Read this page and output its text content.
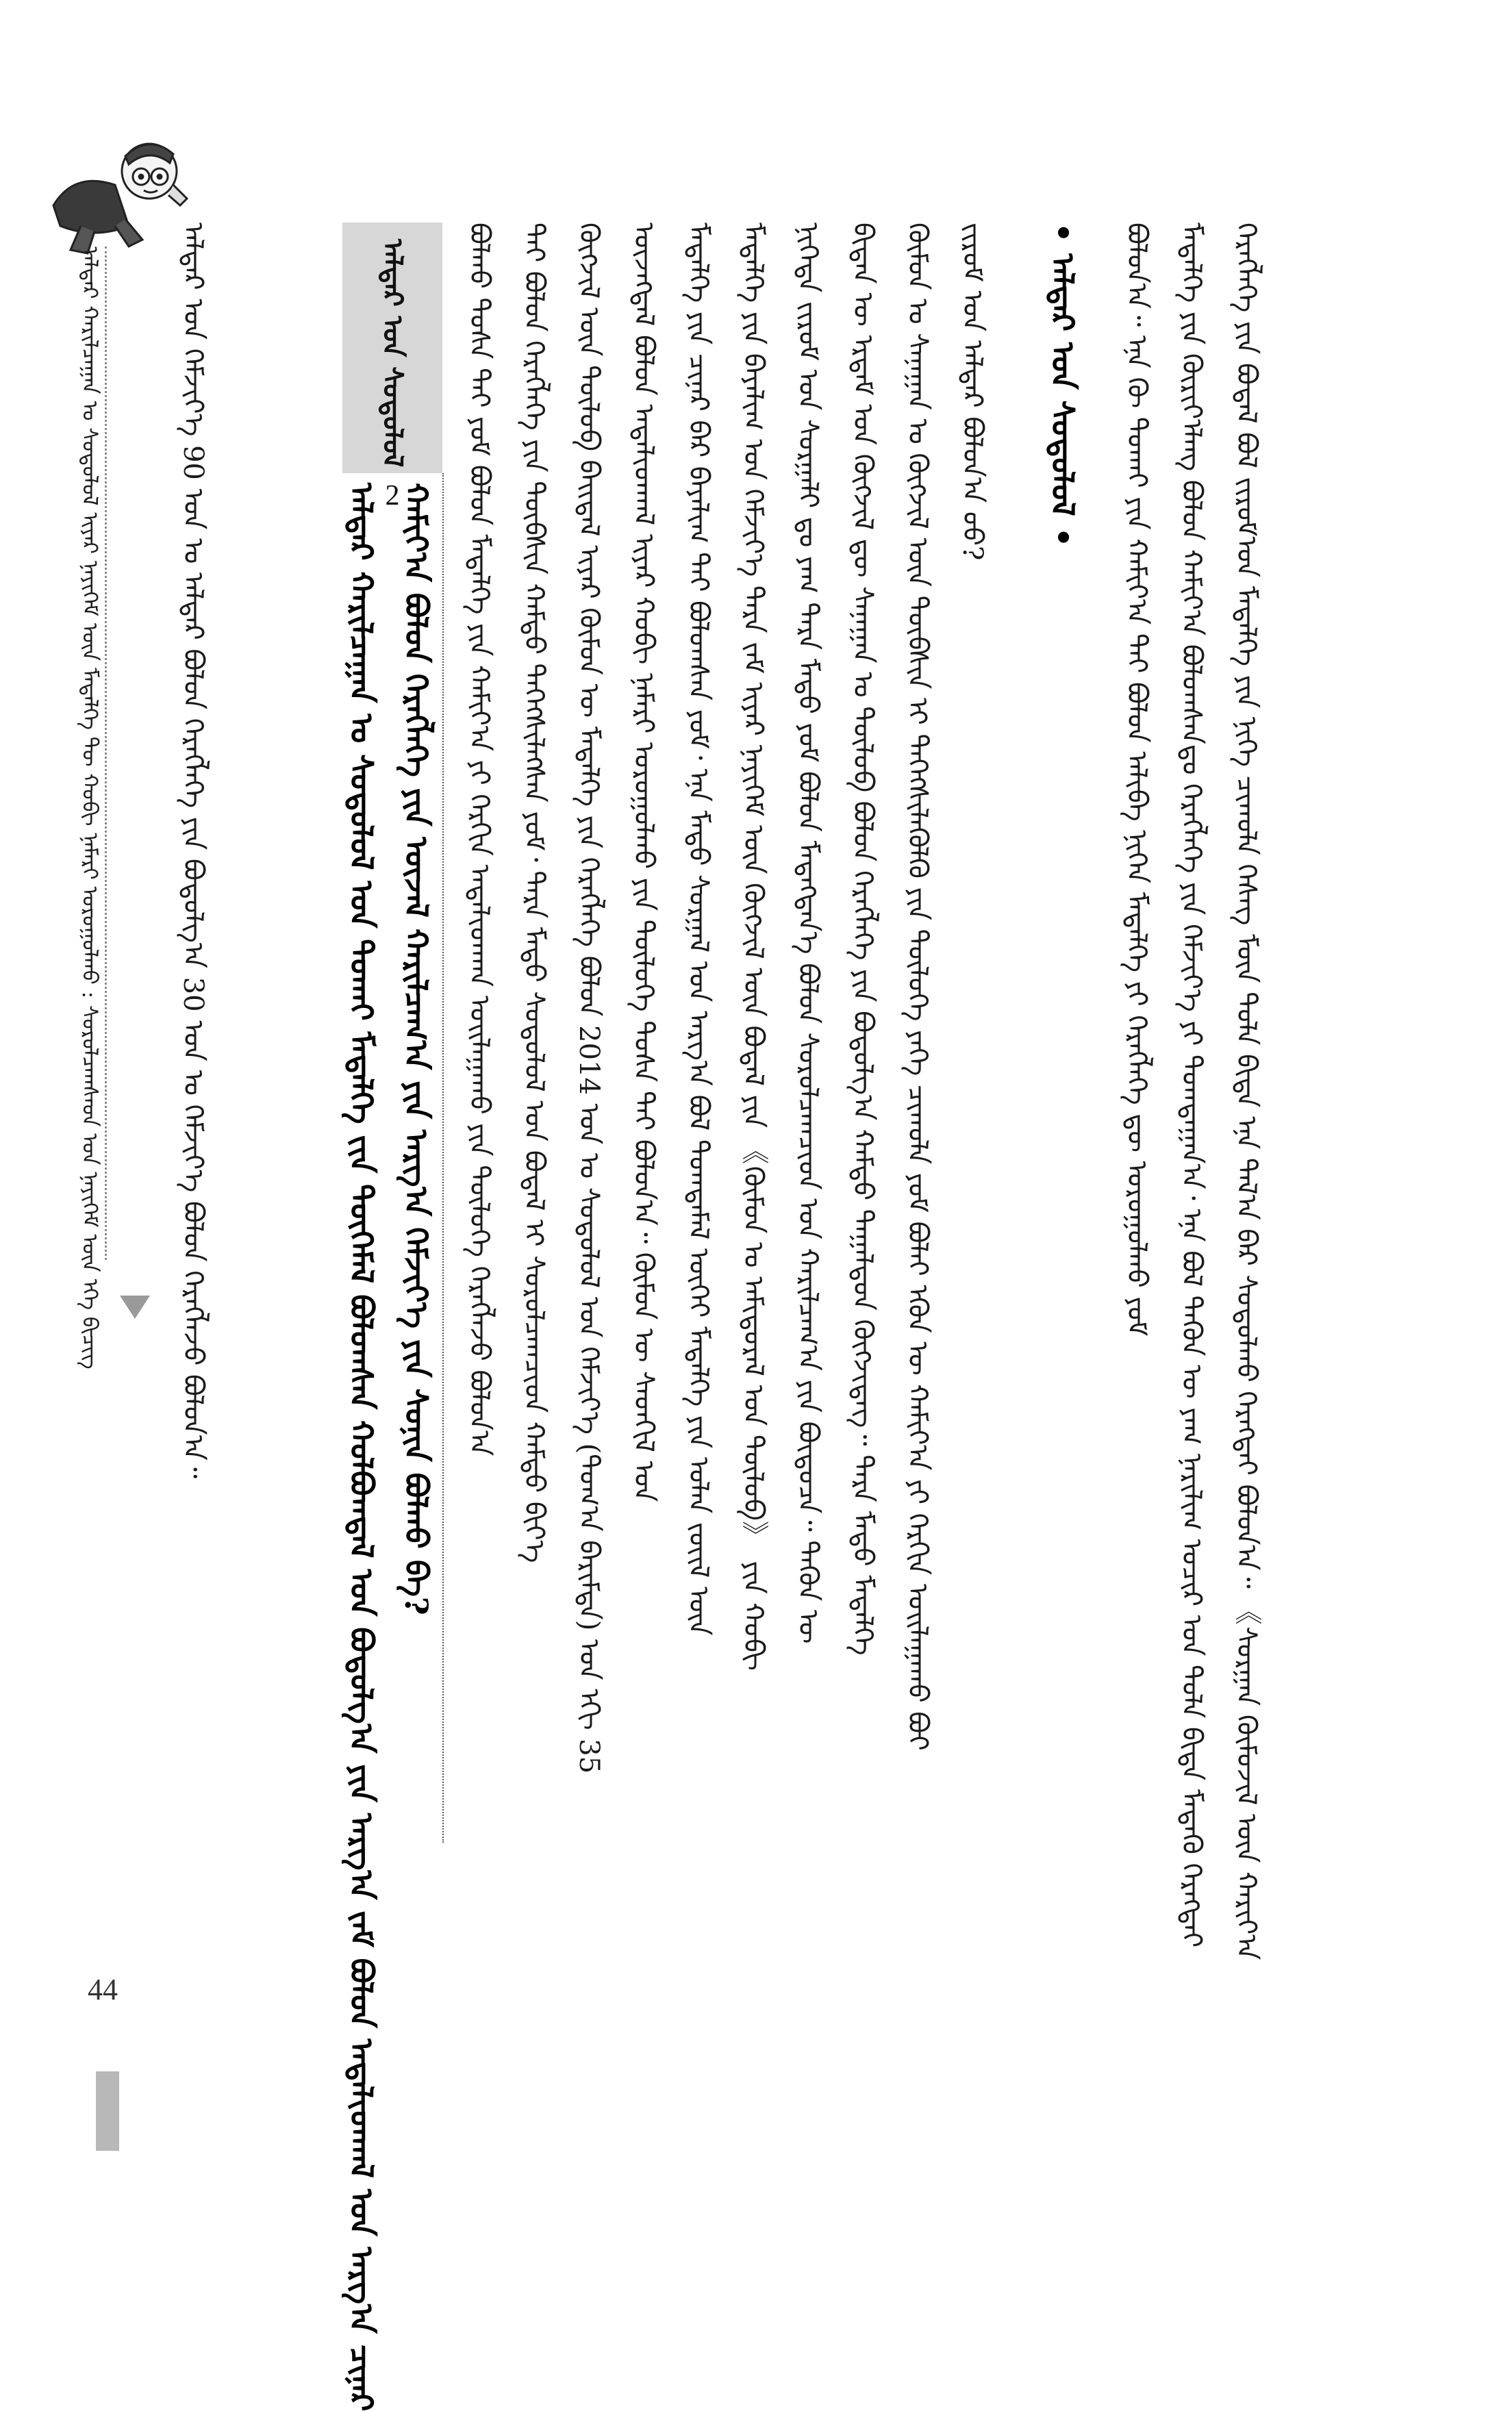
ᠠᠯᠳᠠᠷ ᠬᠠᠷᠢᠯᠴᠠᠭᠠᠨ ᠤ ᠰᠤᠳᠤᠯᠤᠯ ᠢᠶᠠᠷ ᠨᠡᠶᠢᠭᠡᠮ ᠦᠨ ᠮᠡᠳᠡᠯᠭᠡ ᠲᠦ ᠬᠤᠪᠢ ᠨᠡᠮᠡᠷᠢ ᠣᠷᠣᠭᠤᠯᠬᠤ : ᠰᠤᠷᠤᠯᠴᠠᠭᠰᠠᠳ ᠤᠨ ᠨᠡᠶᠢᠭᠡᠮ ᠦᠨ ᠡᠬᠡ ᠪᠢᠴᠢᠭ
44
ᠠᠯᠳᠠᠷ ᠤᠨ ᠬᠡᠮᠵᠢᠶ᠎ᠡ 90 ᠣᠨ ᠤ ᠠᠯᠳᠠᠷ ᠪᠣᠯᠤᠨ ᠬᠡᠷᠡᠭᠯᠡᠭᠡ ᠶᠢᠨ ᠪᠣᠳᠣᠯᠭ᠎ᠠ 30 ᠣᠨ ᠤ ᠬᠡᠮᠵᠢᠶ᠎ᠡ ᠪᠣᠯᠤᠨ ᠬᠡᠷᠡᠭᠯᠡᠵᠦ ᠪᠣᠯᠤᠨ᠎ᠠ᠃	ᠠᠯᠳᠠᠷ ᠤᠨ ᠰᠤᠳᠤᠯᠤᠯ
2
ᠠᠯᠳᠠᠷ ᠬᠠᠷᠢᠯᠴᠠᠭᠠᠨ ᠤ ᠰᠤᠳᠤᠯᠤᠯ ᠤᠨ ᠲᠤᠬᠠᠢ ᠮᠡᠳᠡᠯᠭᠡ ᠵᠢᠨ ᠲᠦᠭᠡᠮᠡᠯ ᠪᠣᠯᠣᠭᠰᠠᠨ ᠬᠣᠯᠪᠣᠭᠳᠠᠯ ᠤᠨ ᠪᠣᠳᠣᠯᠭ᠎ᠠ ᠶᠢᠨ ᠠᠷᠭ᠎ᠠ ᠵᠠᠮ ᠪᠣᠯᠤᠨ ᠠᠳᠠᠯᠢᠳᠬᠠᠯ ᠤᠨ ᠠᠷᠭ᠎ᠠ ᠴᠢᠨᠠᠷ ᠬᠠᠮᠢᠶ᠎ᠠ ᠪᠣᠯᠤᠨ ᠬᠡᠷᠡᠭᠯᠡᠭᠡ ᠶᠢᠨ ᠦᠵᠡᠯ ᠬᠠᠷᠢᠯᠴᠠᠭ᠎ᠠ ᠶᠢᠨ ᠠᠷᠭ᠎ᠠ ᠬᠡᠮᠵᠢᠶ᠎ᠡ ᠶᠢᠨ ᠰᠣᠨᠢᠨ ᠪᠣᠯᠬᠤ ᠪᠠ? ᠪᠣᠯᠬᠤ ᠲᠤᠰᠠ ᠲᠠᠢ ᠶᠤᠮ ᠪᠣᠯᠤᠨ ᠮᠡᠳᠡᠯᠭᠡ ᠶᠢᠨ ᠬᠠᠮᠢᠶ᠎ᠠ ᠶᠢ ᠬᠡᠷᠬᠢᠨ ᠠᠳᠠᠯᠢᠳᠬᠠᠨ ᠣᠢᠯᠠᠭᠠᠬᠤ ᠶᠢᠨ ᠲᠥᠯᠦᠭᠡ ᠬᠡᠷᠡᠭᠯᠡᠵᠦ ᠪᠣᠯᠤᠨ᠎ᠠ ᠲᠠᠢ ᠪᠣᠯᠤᠨ ᠬᠡᠷᠡᠭᠯᠡᠭᠡ ᠶᠢᠨ ᠲᠦᠪᠰᠢᠨ ᠬᠠᠮᠲᠤ ᠳᠡᠭᠡᠭᠰᠢᠯᠡᠭᠰᠡᠨ ᠶᠤᠮ᠂ ᠲᠡᠷᠡ ᠮᠡᠲᠦ ᠰᠤᠳᠤᠯᠤᠯ ᠤᠨ ᠪᠤᠳᠠᠯ ᠢ ᠰᠤᠷᠤᠯᠴᠠᠭᠴᠢᠳ ᠬᠠᠮᠲᠤ ᠪᠢᠶ᠎ᠡ ᠬᠦᠭᠵᠢᠯ ᠦᠨ ᠲᠥᠯᠦᠪ ᠪᠠᠢᠳᠠᠯ ᠢᠶᠠᠷ ᠬᠦᠮᠦᠨ ᠦ ᠮᠡᠳᠡᠯᠭᠡ ᠶᠢᠨ ᠬᠡᠷᠡᠭᠯᠡᠭᠡ ᠪᠣᠯᠤᠨ 2014 ᠣᠨ ᠤ ᠰᠤᠳᠤᠯᠤᠯ ᠤᠨ ᠬᠡᠮᠵᠢᠶ᠎ᠡ (ᠲᠣᠭ᠎ᠠ ᠪᠠᠷᠢᠮᠲᠠ) ᠤᠨ ᠡᠬᠢ 35 ᠦᠵᠡᠭᠳᠡᠯ ᠪᠣᠯᠤᠨ ᠠᠳᠠᠯᠢᠳᠬᠠᠯ ᠢᠶᠠᠷ ᠬᠤᠪᠢ ᠨᠡᠮᠡᠷᠢ ᠣᠷᠣᠭᠤᠯᠬᠤ ᠶᠢᠨ ᠲᠥᠯᠦᠭᠡ ᠲᠤᠰᠠ ᠲᠠᠢ ᠪᠣᠯᠤᠨ᠎ᠠ᠃ ᠬᠦᠮᠦᠨ ᠦ ᠰᠡᠳᠬᠢᠯ ᠤᠨ ᠮᠡᠳᠡᠯᠭᠡ ᠶᠢᠨ ᠴᠢᠨᠠᠷ ᠪᠡᠷ ᠪᠠᠶᠠᠯᠢᠭ ᠲᠠᠢ ᠪᠣᠯᠤᠭᠰᠠᠨ ᠶᠤᠮ᠂ ᠡᠨᠡ ᠮᠡᠲᠦ ᠰᠤᠷᠭᠠᠯ ᠤᠨ ᠠᠷᠭ᠎ᠠ ᠪᠣᠯ ᠲᠣᠭᠲᠠᠮᠠᠯ ᠦᠭᠡᠢ ᠮᠡᠳᠡᠯᠭᠡ ᠶᠢᠨ ᠣᠯᠠᠨ ᠵᠦᠢᠯ ᠦᠨ ᠮᠡᠳᠡᠯᠭᠡ ᠶᠢᠨ ᠪᠠᠶᠠᠯᠢᠭ ᠤᠨ ᠬᠡᠮᠵᠢᠶ᠎ᠡ ᠲᠡᠷᠡ ᠵᠠᠮ ᠢᠶᠠᠷ ᠨᠡᠶᠢᠭᠡᠮ ᠦᠨ ᠬᠥᠭᠵᠢᠯ ᠦᠨ ᠪᠤᠳᠠᠯ ᠶᠢᠨ 《ᠬᠦᠮᠦᠨ ᠤ ᠠᠮᠢᠳᠤᠷᠠᠯ ᠤᠨ ᠲᠥᠯᠦᠪ》 ᠶᠢᠨ ᠬᠤᠪᠢ ᠨᠢᠭᠡᠲᠡ ᠵᠢᠷᠤᠮ ᠤᠨ ᠰᠤᠷᠭᠠᠯᠢ ᠳᠤ ᠶᠠᠭ ᠲᠡᠷᠡ ᠮᠡᠲᠦ ᠶᠤᠮ ᠪᠣᠯᠤᠨ ᠮᠡᠳᠡᠭᠳᠡᠨ᠎ᠡ ᠪᠣᠯᠤᠨ ᠰᠤᠷᠤᠯᠴᠠᠭᠴᠢᠳ ᠤᠨ ᠬᠠᠷᠢᠯᠴᠠᠭ᠎ᠠ ᠶᠢᠨ ᠪᠦᠲᠦᠴᠡ᠃ ᠲᠡᠭᠦᠨ ᠦ ᠪᠢᠳᠡᠨ ᠦ ᠡᠷᠳᠡᠮ ᠤᠨ ᠬᠥᠭᠵᠢᠯ ᠳᠦ ᠰᠠᠨᠠᠭᠠᠨ ᠤ ᠲᠥᠯᠦᠪ ᠪᠣᠯᠤᠨ ᠬᠡᠷᠡᠭᠯᠡᠭᠡ ᠶᠢᠨ ᠪᠣᠳᠣᠯᠭ᠎ᠠ ᠬᠠᠮᠲᠤ ᠳᠠᠭᠠᠯᠳᠤᠨ ᠬᠥᠭᠵᠢᠳᠡᠭ᠃ ᠲᠡᠷᠡ ᠮᠡᠲᠦ ᠮᠡᠳᠡᠯᠭᠡ ᠬᠦᠮᠦᠨ ᠤ ᠰᠠᠨᠠᠭᠠᠨ ᠤ ᠬᠦᠭᠵᠢᠯ ᠦᠨ ᠲᠦᠪᠰᠢᠨ ᠢ ᠳᠡᠭᠡᠭᠰᠢᠯᠡᠭᠦᠯᠬᠦ ᠶᠢᠨ ᠲᠥᠯᠦᠭᠡ ᠶᠡᠬᠡ ᠴᠢᠬᠤᠯᠠ ᠶᠤᠮ ᠪᠣᠯᠠᠶ ᠡᠭᠦᠨ ᠦ ᠬᠠᠮᠢᠶ᠎ᠠ ᠶᠢ ᠬᠡᠷᠬᠢᠨ ᠣᠢᠯᠠᠭᠠᠬᠤ ᠪᠤᠢ ᠵᠢᠷᠤᠮ ᠤᠨ ᠠᠯᠳᠠᠷ ᠪᠣᠯᠤᠨ᠎ᠠ ᠦᠦ? • ᠠᠯᠳᠠᠷ ᠤᠨ ᠰᠤᠳᠤᠯᠤᠯ •	ᠪᠣᠯᠤᠨ᠎ᠠ᠃ ᠡᠨᠡ ᠬᠦ ᠲᠤᠬᠠᠢ ᠶᠢᠨ ᠬᠠᠮᠢᠶ᠎ᠠ ᠲᠠᠶ ᠪᠣᠯᠤᠨ ᠠᠯᠢᠪᠠ ᠨᠢᠭᠡᠨ ᠮᠡᠳᠡᠯᠭᠡ ᠶᠢ ᠬᠡᠷᠡᠭᠯᠡᠭᠡ ᠳᠦ ᠣᠷᠣᠭᠤᠯᠬᠤ ᠶᠤᠮ ᠮᠡᠳᠡᠯᠭᠡ ᠶᠢᠨ ᠬᠦᠷᠢᠶ᠎ᠡᠯᠡᠩ ᠪᠣᠯᠤᠨ ᠬᠠᠮᠢᠶ᠎ᠠ ᠪᠣᠯᠤᠭᠰᠠᠨ᠎ᠳᠤ ᠬᠡᠷᠡᠭᠯᠡᠭᠡ ᠶᠢᠨ ᠬᠡᠮᠵᠢᠶ᠎ᠡ ᠶᠢ ᠲᠣᠭᠲᠠᠭᠠᠨ᠎ᠠ᠂ ᠡᠨᠡ ᠪᠣᠯ ᠲᠡᠭᠦᠨ ᠦ ᠶᠠᠭ ᠨᠠᠷᠢᠯᠢᠭ ᠤᠴᠢᠷ ᠤᠨ ᠲᠤᠯᠠ ᠪᠢᠳᠡ ᠮᠡᠳᠡᠬᠦ ᠬᠡᠷᠡᠭᠲᠡᠢ ᠬᠡᠷᠡᠭᠯᠡᠭᠡ ᠶᠢᠨ ᠪᠤᠳᠠᠯ ᠪᠣᠯ ᠵᠢᠷᠤᠮ᠎ᠤᠨ ᠮᠡᠳᠡᠯᠭᠡ ᠶᠢᠨ ᠨᠢᠭᠡ ᠴᠢᠬᠤᠯᠠ ᠬᠡᠰᠡᠭ ᠮᠥᠨ ᠲᠤᠯᠠ ᠪᠢᠳᠡ ᠡᠨᠡ ᠲᠠᠯ᠎ᠠ ᠪᠠᠷ ᠰᠤᠳᠤᠯᠬᠤ ᠬᠡᠷᠡᠭᠲᠡᠢ ᠪᠣᠯᠤᠨ᠎ᠠ᠃ 《ᠰᠤᠷᠭᠠᠨ ᠬᠦᠮᠦᠵᠢᠯ ᠦᠨ ᠬᠠᠷᠢᠶ᠎ᠠ
